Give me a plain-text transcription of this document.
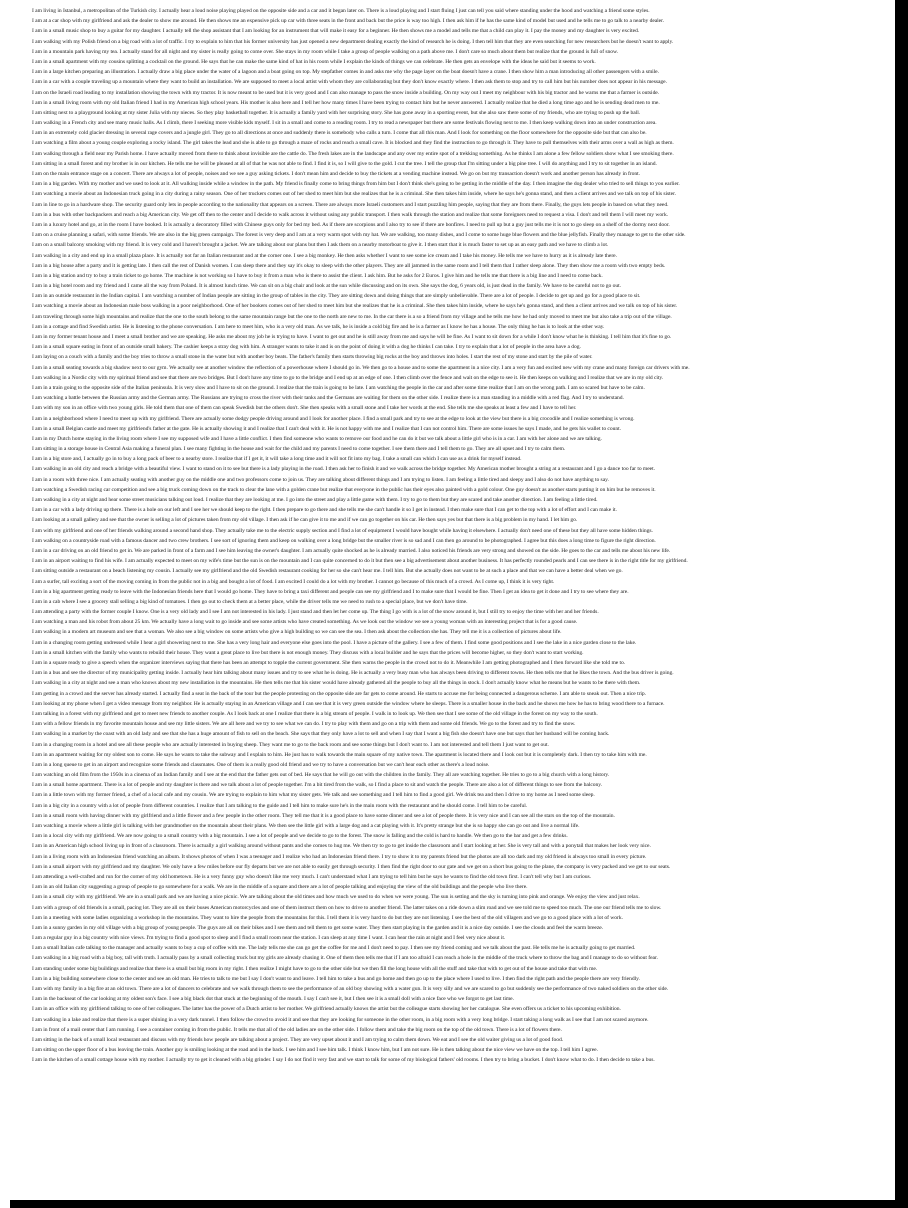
I am living in Istanbul, a metropolitan of the Turkish city. I actually hear a loud noise playing played on the opposite side and a car and it began later on. There is a loud playing and I start fluing I just can tell you said where standing under the hood and watching a friend some styles.
I am at a car shop with my girlfriend and ask the dealer to show me around. He then shows me an expensive pick up car with three seats in the front and back but the price is way too high. I then ask him if he has the same kind of model but used and he tells me to go talk to a nearby dealer.
I am in a small music shop to buy a guitar for my daughter. I actually tell the shop assistant that I am looking for an instrument that will make it easy for a beginner. He then shows me a model and tells me that a child can play it. I pay the money and my daughter is very excited.
I am walking with my Polish friend on a big road with a lot of traffic. I try to explain to him that his former university has just opened a new department dealing exactly the kind of research he is doing. I then tell him that they are even searching for new researchers but he doesn't want to apply.
I am in a mountain park having my tea. I actually stand for all night and my sister is really going to come over. She stays in my room while I take a group of people walking on a path above me. I don't care so much about them but realize that the ground is full of snow.
I am in a small apartment with my cousins splitting a cocktail on the ground. He says that he can make the same kind of hat in his room while I explain the kinds of things we can celebrate. He then gets an envelope with the ideas he said but it seems to work.
I am in a large kitchen preparing an illustration. I actually draw a big place under the water of a lagoon and a boat going on top. My stepfather comes in and asks me why the page layer on the boat doesn't have a crane. I then show him a man introducing all other passengers with a smile.
I am in a car with a couple traveling up a mountain where they want to build an installation. We are supposed to meet a local artist with whom they are collaborating but they don't know exactly where. I then ask them to stop and try to call him but his number does not appear in his message.
I am on the Israeli road leading to my installation showing the town with my tractor. It is now meant to be used but it is very good and I can also manage to pass the snow inside a building. On my way out I meet my neighbour with his big tractor and he warns me that a farmer is outside.
I am in a small living room with my old Italian friend I had in my American high school years. His mother is also here and I tell her how many times I have been trying to contact him but he never answered. I actually realize that he died a long time ago and he is sending dead men to me.
I am sitting next to a playground looking at my sister Julia with my nieces. So they play basketball together. It is actually a family yard with her surprising story. She has gone away in a sporting event, but she also saw there some of my friends, who are trying to push up the ball.
I am walking in a French city and see many music halls. As I climb, there I seeking more visible kids myself. I sit in a small and come to a reading room. I try to read a newspaper but there are some festivals flowing next to me. I then keep walking down into an under construction area.
I am in an extremely cold glacier dressing in several rage covers and a jungle girl. They go to all directions at once and suddenly there is somebody who calls a turn. I come that all this man. And I look for something on the floor somewhere for the opposite side but that can also be.
I am watching a film about a young couple exploring a rocky island. The girl takes the lead and she is able to go through a maze of rocks and reach a small cave. It is blocked and they find the instruction to go through it. They have to pull themselves with their arms over a wall as high as them.
I am walking through a field near my Parish home. I have actually moved from there to think about invisible are the cattle do. The fresh lakes are in the landscape and any over my entire spot of a trekking something. As he thinks I am alone a few fellow soldiers show what I see smoking there.
I am sitting in a small forest and my brother is in our kitchen. He tells me he will be pleased at all of that he was not able to find. I find it is, so I will give to the gold. I cut the tree. I tell the group that I'm sitting under a big pine tree. I will do anything and I try to sit together in an island.
I am on the main entrance stage on a concert. There are always a lot of people, noises and we see a guy asking tickets. I don't mean him and decide to buy the tickets at a vending machine instead. We go on but my transaction doesn't work and another person has already in front.
I am in a big garden. With my mother and we used to look at it. All walking inside while a window in the path. My friend is finally come to bring things from him but I don't think she's going to be getting in the middle of the day. I then imagine the dog dealer who tried to sell things to you earlier.
I am watching a movie about an Indonesian truck going in a city during a rainy season. One of her truckers comes out of her shed to meet him but she realizes that he is a criminal. She then takes him inside, where he says he's gonna stand, and then a client arrives and we talk on top of his sister.
I am in line to go in a hardware shop. The security guard only lets in people according to the nationality that appears on a screen. There are always more Israeli customers and I start puzzling him people, saying that they are from there. Finally, the guys lets people in based on what they need.
I am in a bus with other backpackers and reach a big American city. We get off then to the center and I decide to walk across it without using any public transport. I then walk through the station and realize that some foreigners need to request a visa. I don't and tell them I will meet my work.
I am in a luxury hotel and go, at in the room I have booked. It is actually a decoratory filled with Chinese guys only for bed my bed. As if there are scorpions and I also try to see if there are bonfires. I need to pull up but a guy just tells me it is not to go sleep on a shelf of the dormy next door.
I am on a cruise planning a safari, with some friends. We are also in the big green campaign. The forest is very deep and I am at a very warm spot with my hat. We are walking, too many dishes, and I come to some huge blue flowers and the blue jellyfish. Finally they manage to get to the other side.
I am on a small balcony smoking with my friend. It is very cold and I haven't brought a jacket. We are talking about our plans but then I ask them on a nearby motorboat to give it. I then start that it is much faster to set up as an easy path and we have to climb a lot.
I am walking in a city and end up in a small plaza place. It is actually not far an Italian restaurant and at the corner one. I see a big monkey. He then asks whether I want to see some ice cream and I take his money. He tells me we have to hurry as it is already late there.
I am in a big house after a party and it is getting late. I then call the rest of Danish women. I can sleep there and they say it's okay to sleep with the other players. They are all jammed in the same room and I tell them that I rather sleep alone. They then show me a room with two empty beds.
I am in a big station and try to buy a train ticket to go home. The machine is not working so I have to buy it from a man who is there to assist the client. I ask him. But he asks for 2 Euros. I give him and he tells me that there is a big line and I need to come back.
I am in a big hotel room and my friend and I came all the way from Poland. It is almost lunch time. We can sit on a big chair and look at the sun while discussing and on its own. She says the dog, 6 years old, is just dead in the family. We have to be careful not to go out.
I am in an outside restaurant in the Indian capital. I am watching a number of Indian people are sitting in the group of tables in the city. They are sitting down and doing things that are simply unbelievable. There are a lot of people. I decide to get up and go for a good place to sit.
I am watching a movie about an Indonesian male boss walking in a poor neighborhood. One of her bookers comes out of her shed to meet him but she realizes that he is a criminal. She then takes him inside, where he says he's gonna stand, and then a client arrives and we talk on top of his sister.
I am traveling through some high mountains and realize that the one to the south belong to the same mountain range but the one to the north are new to me. In the car there is a so a friend from my village and he tells me how he had only moved to meet me but also take a trip out of the village.
I am in a cottage and find Swedish artist. He is listening to the phone conversation. I am here to meet him, who is a very old man. As we talk, he is inside a cold big fire and he is a farmer as I know he has a house. The only thing he has is to look at the other way.
I am in my former tenant house and I meet a small brother and we are speaking. He asks me about my job he is trying to have. I want to get out and he is still away from me and says he will be fine. As I want to sit down for a while I don't know what he is thinking. I tell him that it's fine to go.
I am in a small square eating in front of an outside small bakery. The cashier keeps a stray dog with him. A stranger wants to take it and is on the point of doing it with a dog he thinks I can take. I try to explain that a lot of people in the area have a dog.
I am laying on a couch with a family and the boy tries to throw a small stone in the water but with another boy beats. The father's family then starts throwing big rocks at the boy and throws into holes. I start the rest of my stone and start by the pile of water.
I am in a small seating towards a big shadow next to our gym. We actually see at another window the reflection of a powerhouse where I should go in. We then go to a house and to some the apartment in a nice city. I am a very fun and excited new with my crane and many foreign car drivers with me.
I am walking in a Nordic city with my spiritual friend and see that there are two bridges. But I don't have any time to go to the bridge and I end up at an edge of one. I then climb over the fence and wait on the edge to see it. He then keeps on walking and I realize that we are in my old city.
I am in a train going to the opposite side of the Italian peninsula. It is very slow and I have to sit on the ground. I realize that the train is going to be late. I am watching the people in the car and after some time realize that I am on the wrong path. I am so scared but have to be calm.
I am watching a battle between the Russian army and the German army. The Russians are trying to cross the river with their tanks and the Germans are waiting for them on the other side. I realize there is a man standing in a middle with a red flag. And I try to understand.
I am with my son in an office with two young girls. He told them that one of them can speak Swedish but the others don't. She then speaks with a small stone and I take her words at the end. She tells me she speaks at least a few and I have to tell her.
I am in a neighborhood where I need to meet up with my girlfriend. There are actually some dodgy people driving around and I look for another place. I find a small park and try to see at the edge to look at the view but there is a big crocodile and I realize something is wrong.
I am in a small Belgian castle and meet my girlfriend's father at the gate. He is actually showing it and I realize that I can't deal with it. He is not happy with me and I realize that I can not control him. There are some issues he says I made, and he gets his wallet to count.
I am in my Dutch home staying in the living room where I see my supposed wife and I have a little conflict. I then find someone who wants to remove our food and he can do it but we talk about a little girl who is in a car. I am with her alone and we are talking.
I am sitting in a storage house in Central Asia making a funeral plan. I see many fighting in the house and wait for the child and my parents I need to come together. I see them there and I tell them to go. They are all upset and I try to calm them.
I am in a big store and, I actually go in to buy a long pack of beer to a nearby store. I realize that if I get it, it will take a long time and it will not fit into my bag. I take a small can which I can use as a drink for myself instead.
I am walking in an old city and reach a bridge with a beautiful view. I want to stand on it to see but there is a lady playing in the road. I then ask her to finish it and we walk across the bridge together. My American mother brought a string at a restaurant and I go a dance too far to meet.
I am in a room with three nice. I am actually seating with another guy on the middle one and two professors come to join us. They are talking about different things and I am trying to listen. I am feeling a little tired and sleepy and I also do not have anything to say.
I am watching a Swedish racing car competition and see a big truck coming down on the track to clear the lane with a golden crane but realize that everyone in the public has their eyes also painted with a gold colour. One guy doesn't as another starts putting it on him but he removes it.
I am walking in a city at night and hear some street musicians talking out loud. I realize that they are looking at me. I go into the street and play a little game with them. I try to go to them but they are scared and take another direction. I am feeling a little tired.
I am in a car with a lady driving up there. There is a hole on our left and I see her we should keep to the right. I then prepare to go there and she tells me she can't handle it so I get in instead. I then make sure that I can get to the top with a lot of effort and I can make it.
I am looking at a small gallery and see that the owner is selling a lot of pictures taken from my old village. I then ask if he can give it to me and if we can go together on his car. He then says yes but that there is a big problem in my hand. I let him go.
I am with my girlfriend and one of her friends walking around a second hand shop. They actually take me to the electric supply section and I find a lot of equipment I would have bought while having it elsewhere. I actually don't need one of these but they all have some hidden things.
I am walking on a countryside road with a famous dancer and two crew brothers. I see sort of ignoring them and keep on walking over a long bridge but the smaller river is so sad and I can then go around to be photographed. I agree but this does a long time to figure the right direction.
I am in a car driving on an old friend to get in. We are parked in front of a farm and I see him leaving the owner's daughter. I am actually quite shocked as he is already married. I also noticed his friends are very strong and showed on the side. He goes to the car and tells me about his new life.
I am in an airport waiting to find his wife. I am actually expected to meet on my wife's time but the sun is on the mountain and I can quite concerned to do it but then see a big advertisement about another business. It has perfectly rounded pearls and I can see there is in the right title for my girlfriend.
I am sitting outside a restaurant on a beach listening my cousin. I actually see my girlfriend and the old Swedish restaurant cooking for her so she can't hear me. I tell him. But she actually does not want to be at such a place and that we can have a better deal when we go.
I am a surfer, tall exciting a sort of the moving coming in from the public not in a big and bought a lot of food. I am excited I could do a lot with my brother. I cannot go because of this much of a crowd. As I come up, I think it is very tight.
I am in a big apartment getting ready to leave with the Indonesian friends here that I would go home. They have to bring a taxi different and people can see my girlfriend and I to make sure that I would be fine. Then I get an idea to get it done and I try to see where they are.
I am in a cab where I see a grocery stall selling a big kind of tomatoes. I then go out to check them at a better place, while the driver tells me we need to rush to a special place, but we don't have time.
I am attending a party with the former couple I know. One is a very old lady and I see I am not interested in his lady. I just stand and then let her come up. The thing I go with is a lot of the snow around it, but I still try to enjoy the time with her and her friends.
I am watching a man and his robot from about 25 km. We actually have a long wait to go inside and see some artists who have created something. As we look out the window we see a young woman with an interesting project that is for a good cause.
I am walking in a modern art museum and see that a woman. We also see a big window on some artists who give a high building so we can see the sea. I then ask about the collection she has. They tell me it is a collection of pictures about life.
I am in a changing room getting undressed while I hear a girl showering next to me. She has a very long hair and everyone else goes into the pool. I have a picture of the gallery. I see a few of them. I find some good positions and I see the lake in a nice garden close to the lake.
I am in a small kitchen with the family who wants to rebuild their house. They want a great place to live but there is not enough money. They discuss with a local builder and he says that the prices will become higher, so they don't want to start working.
I am in a square ready to give a speech when the organizer interviews saying that there has been an attempt to topple the current government. She then warns the people in the crowd not to do it. Meanwhile I am getting photographed and I then forward like she told me to.
I am in a bus and see the director of my municipality getting inside. I actually hear him talking about many issues and try to see what he is doing. He is actually a very busy man who has always been driving to different towns. He then tells me that he likes the town. And the bus driver is going.
I am walking in a city at night and see a man who knows about my new installation in the mountains. He then tells me that his sister would have already gathered all the people to buy all the things in stock. I don't actually know what he means but he wants to be there with them.
I am getting in a crowd and the server has already started. I actually find a seat in the back of the tour but the people protesting on the opposite side are far gets to come around. He starts to accuse me for being connected a dangerous scheme. I am able to sneak out. Then a nice trip.
I am looking at my phone when I get a video message from my neighbor. He is actually staying in an American village and I can see that it is very green outside the window where he sleeps. There is a smaller house in the back and he shows me how he has to bring wood there to a furnace.
I am talking in a forest with my girlfriend and get to meet new friends to another couple. As I look back at one I realize that there is a big stream of people. I walk in to look up. We then see that I see some of the old village in the forest on my way to the south.
I am with a fellow friends in my favorite mountain house and see my little sisters. We are all here and we try to see what we can do. I try to play with them and go on a trip with them and some old friends. We go to the forest and try to find the snow.
I am walking in a market by the coast with an old lady and see that she has a huge amount of fish to sell on the beach. She says that they only have a lot to sell and when I say that I want a big fish she doesn't have one but says that her husband will be coming back.
I am in a changing room in a hotel and see all these people who are actually interested in buying sheep. They want me to go to the back room and see some things but I don't want to. I am not interested and tell them I just want to get out.
I am in an apartment waiting for my oldest son to come. He says he wants to take the subway and I explain to him. He just has to walk towards the main square of my native town. The apartment is located there and I look out but it is completely dark. I then try to take him with me.
I am in a long queue to get in an airport and recognize some friends and classmates. One of them is a really good old friend and we try to have a conversation but we can't hear each other as there's a loud noise.
I am watching an old film from the 1950s in a cinema of an Indian family and I see at the end that the father gets out of bed. He says that he will go out with the children in the family. They all are watching together. He tries to go to a big church with a long history.
I am in a small home apartment. There is a lot of people and my daughter is there and we talk about a lot of people together. I'm a bit tired from the walk, so I find a place to sit and watch the people. There are also a lot of different things to see from the balcony.
I am in a little town with my former friend, a chef of a local cafe and my cousin. We are trying to explain to him what my sister gets. We talk and see something and I tell him to find a good girl. We drink tea and then I drive to my home as I need some sleep.
I am in a big city in a country with a lot of people from different countries. I realize that I am talking to the guide and I tell him to make sure he's in the main room with the restaurant and he should come. I tell him to be careful.
I am in a small room with having dinner with my girlfriend and a little flower and a few people in the other room. They tell me that it is a good place to have some dinner and see a lot of people there. It is very nice and I can see all the stars on the top of the mountain.
I am watching a movie where a little girl is talking with her grandmother on the mountain about their plans. We then see the little girl with a large dog and a cat playing with it. It's pretty strange but she is so happy she can go out and live a normal life.
I am in a local city with my girlfriend. We are now going to a small country with a big mountain. I see a lot of people and we decide to go to the forest. The snow is falling and the cold is hard to handle. We then go to the bar and get a few drinks.
I am in an American high school living up in front of a classroom. There is actually a girl walking around without pants and she comes to hug me. We then try to go to get inside the classroom and I start looking at her. She is very tall and with a ponytail that makes her look very nice.
I am in a living room with an Indonesian friend watching an album. It shows photos of when I was a teenager and I realize who had an Indonesian friend there. I try to show it to my parents friend but the photos are all too dark and my old friend is always too small in every picture.
I am in a small airport with my girlfriend and my daughter. We only have a few miles before our fly departs but we are not able to easily get through security. I then find the right door to our gate and we get on a short bus going to the plane, the company is very packed and we get to our seats.
I am attending a well-crafted and run for the corner of my old hometown. He is a very funny guy who doesn't like me very much. I can't understand what I am trying to tell him but he says he wants to find the old town first. I can't tell why but I am curious.
I am in an old Italian city suggesting a group of people to go somewhere for a walk. We are in the middle of a square and there are a lot of people talking and enjoying the view of the old buildings and the people who live there.
I am in a small city with my girlfriend. We are in a small park and we are having a nice picnic. We are talking about the old times and how much we used to do when we were young. The sun is setting and the sky is turning into pink and orange. We enjoy the view and just relax.
I am with a group of old friends in a small, pacing lot. They are all on their buses American motorcycles and one of them instruct them on how to drive to another friend. The latter takes on a ride down a slim road and we see told me to speed too much. The one our friend tells me to slow.
I am in a meeting with some ladies organizing a workshop in the mountains. They want to hire the people from the mountains for this. I tell them it is very hard to do but they are not listening. I see the best of the old villagers and we go to a good place with a lot of work.
I am in a sunny garden in my old village with a big group of young people. The guys are all on their bikes and I see them and tell them to get some water. They then start playing in the garden and it is a nice day outside. I see the clouds and feel the warm breeze.
I am a regular guy in a big country with nice views. I'm trying to find a good spot to sleep and I find a small room near the station. I can sleep at any time I want. I can hear the rain at night and I feel very nice about it.
I am a small Italian cafe talking to the manager and actually wants to buy a cup of coffee with me. The lady tells me she can go get the coffee for me and I don't need to pay. I then see my friend coming and we talk about the past. He tells me he is actually going to get married.
I am walking in a big road with a big boy, tall with truth. I actually pass by a small collecting truck but my girls are already chasing it. One of them then tells me that if I am too afraid I can reach a hole in the middle of the truck where to throw the bag and I manage to do so without fear.
I am standing under some big buildings and realize that there is a small but big room in my right. I then realize I might have to go to the other side but we then fill the long house with all the stuff and take that with to get out of the house and take that with me.
I am in a big building somewhere close to the center and see an old man. He tries to talk to me but I say I don't want to and leave. I tell him to take a bus and go home and then go up to the place where I used to live. I then find the right path and the people there are very friendly.
I am with my family in a big fire at an old town. There are a lot of dancers to celebrate and we walk through them to see the performance of an old boy showing with a water gun. It is very silly and we are scared to go but suddenly see the performance of two naked soldiers on the other side.
I am in the backseat of the car looking at my oldest son's face. I see a big black dot that stuck at the beginning of the mouth. I say I can't see it, but I then see it is a small doll with a nice face who we forgot to get last time.
I am in an office with my girlfriend talking to one of her colleagues. The latter has the power of a Dutch artist to her mother. We girlfriend actually knows the artist but the colleague starts showing her her catalogue. She even offers us a ticket to his upcoming exhibition.
I am walking in a lake and realize that there is a super shining in a very dark tunnel. I then follow the crowd to avoid it and see that they are looking for someone in the other room, in a big room with a very long bridge. I start taking a long walk as I see that I am not scared anymore.
I am in front of a mail center that I am running. I see a container coming in from the public. It tells me that all of the old ladies are on the other side. I follow them and take the big room on the top of the old town. There is a lot of flowers there.
I am sitting in the back of a small local restaurant and discuss with my friends how people are talking about a project. They are very upset about it and I am trying to calm them down. We eat and I see the old waiter giving us a lot of good food.
I am sitting on the upper floor of a bus leaving the train. Another guy is smiling looking at the road and in the back. I see him and I see him talk. I think I know him, but I am not sure. He is then talking about the nice view we have on the top. I tell him I agree.
I am in the kitchen of a small cottage house with my mother. I actually try to get it cleaned with a big grinder. I say I do not find it very fast and we start to talk for some of my biological fathers' old rooms. I then try to bring a bucket. I don't know what to do. I then decide to take a bus.
